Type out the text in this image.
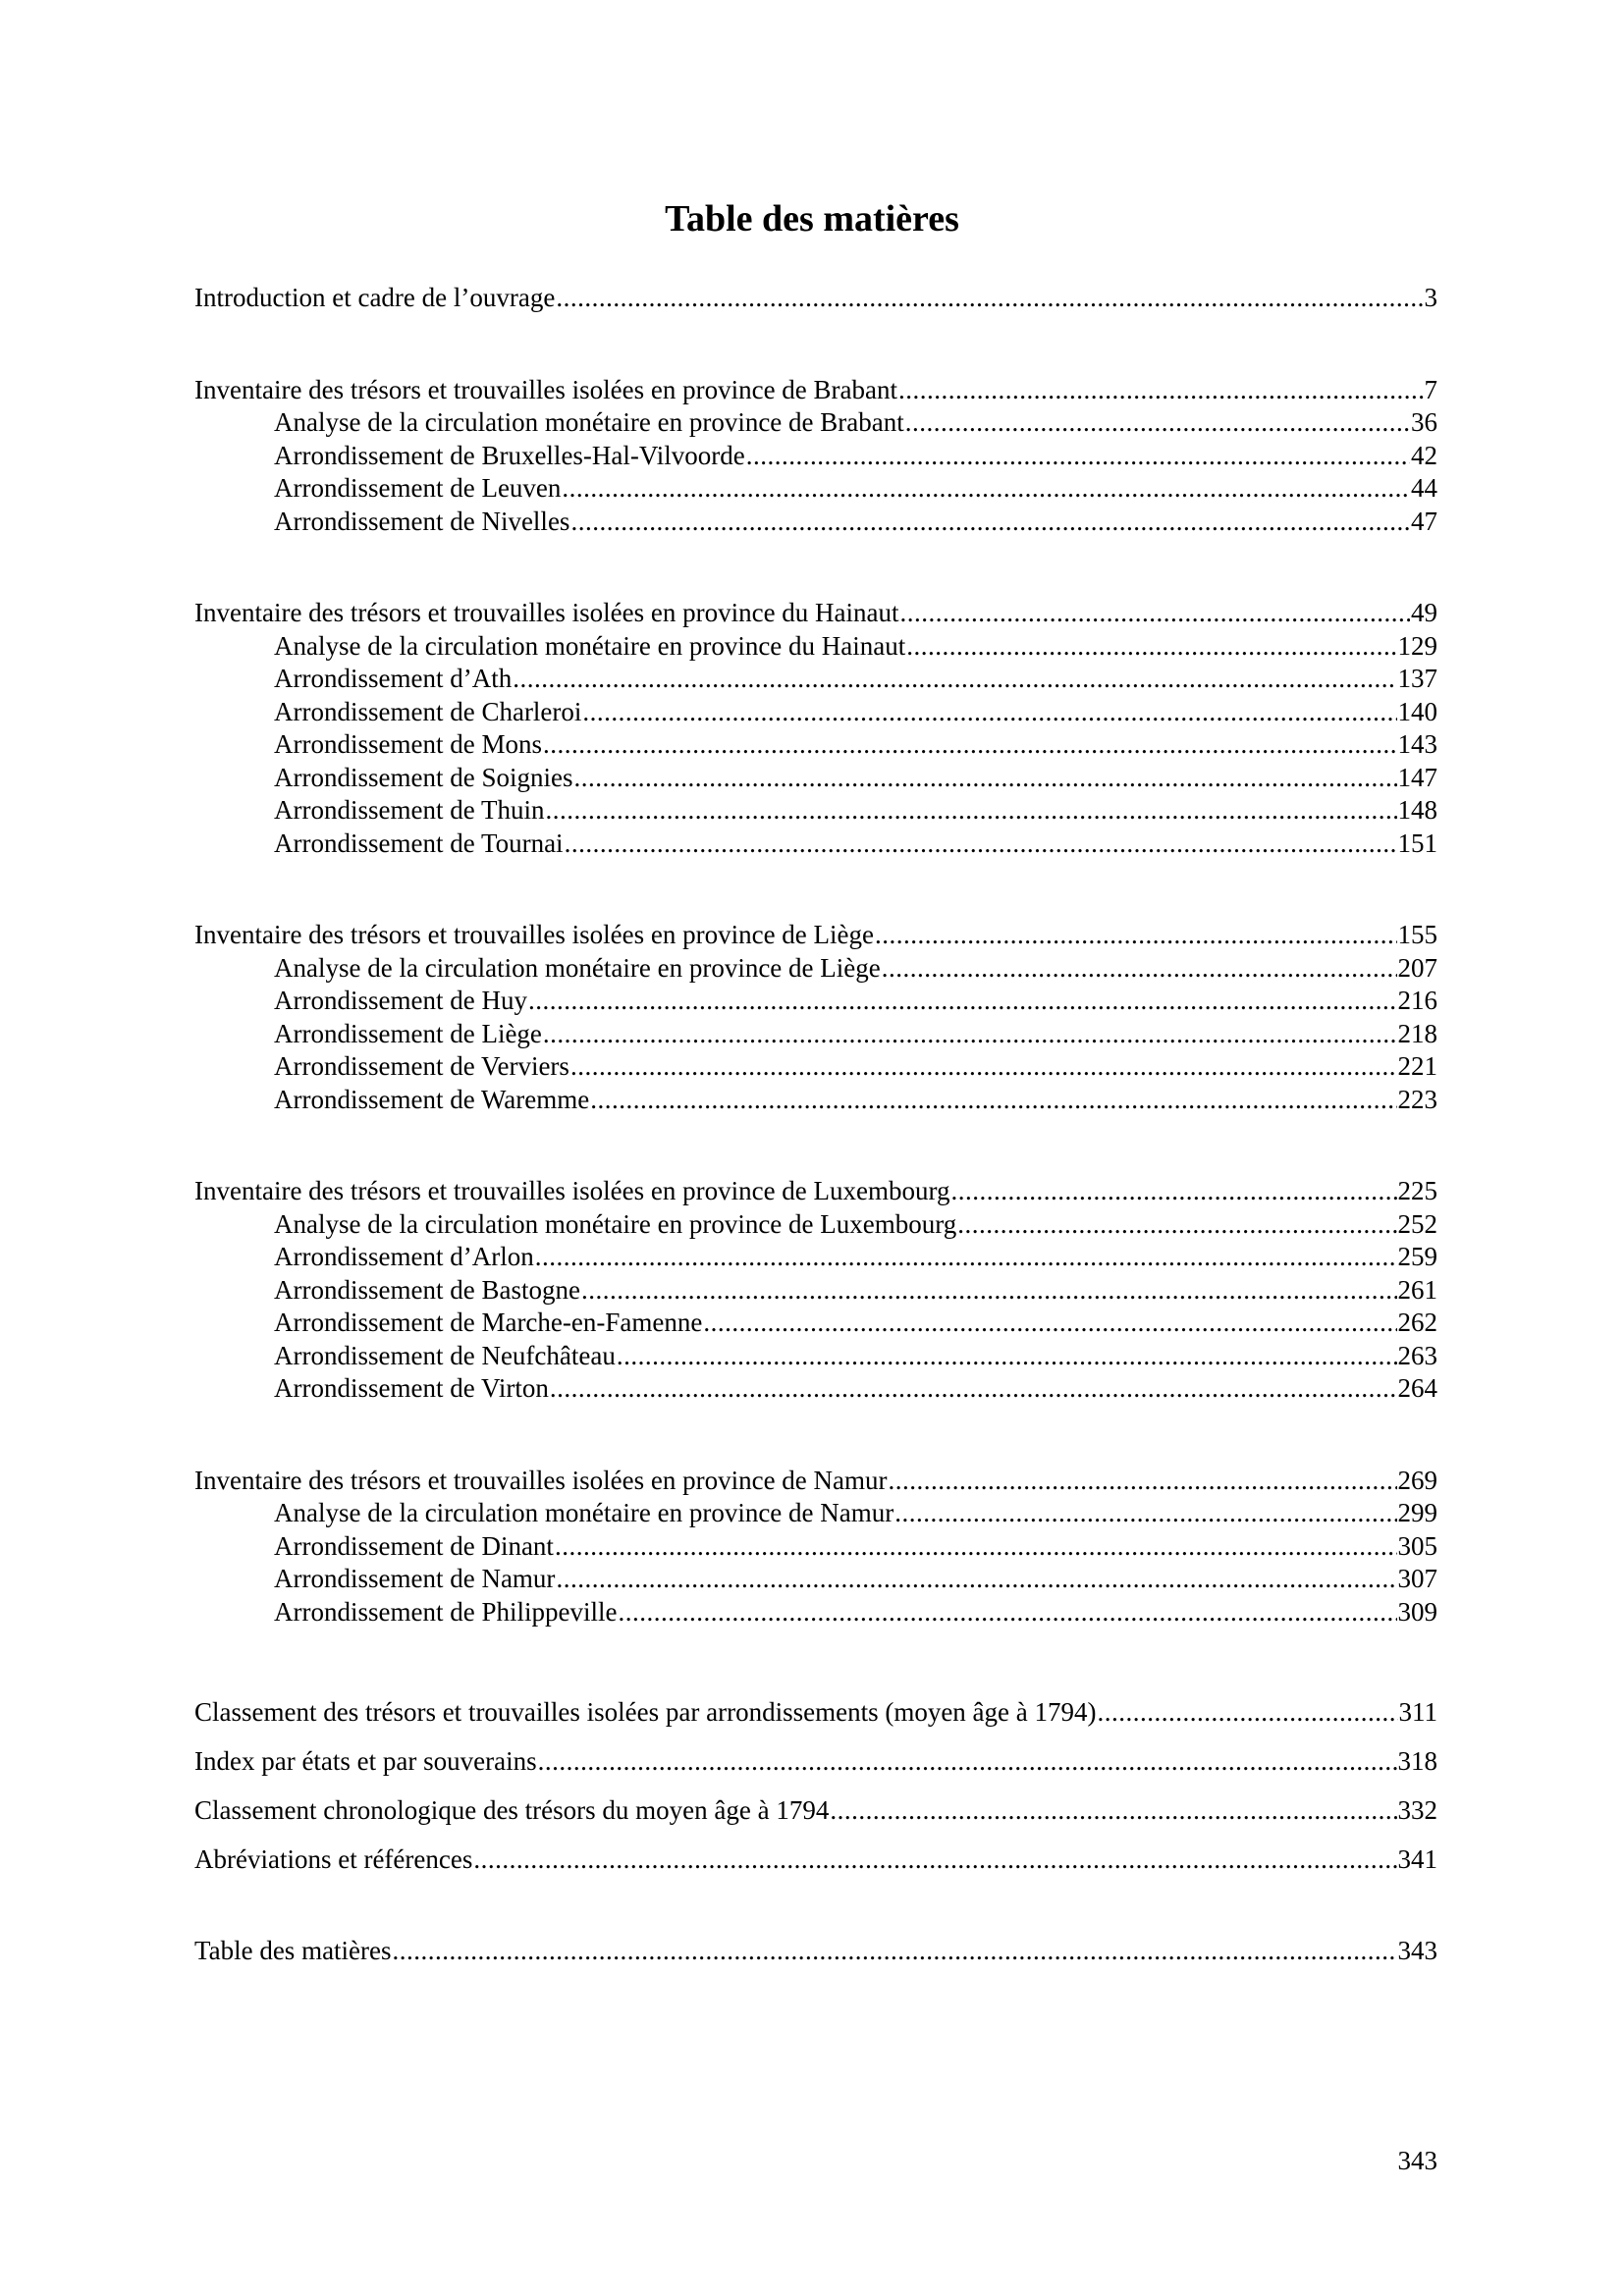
Table des matières
Introduction et cadre de l’ouvrage .....	3
Inventaire des trésors et trouvailles isolées en province de Brabant .....	7
Analyse de la circulation monétaire en province de Brabant .....	36
Arrondissement de Bruxelles-Hal-Vilvoorde .....	42
Arrondissement de Leuven .....	44
Arrondissement de Nivelles .....	47
Inventaire des trésors et trouvailles isolées en province du Hainaut .....	49
Analyse de la circulation monétaire en province du Hainaut .....	129
Arrondissement d’Ath .....	137
Arrondissement de Charleroi .....	140
Arrondissement de Mons .....	143
Arrondissement de Soignies .....	147
Arrondissement de Thuin .....	148
Arrondissement de Tournai .....	151
Inventaire des trésors et trouvailles isolées en province de Liège .....	155
Analyse de la circulation monétaire en province de Liège .....	207
Arrondissement de Huy .....	216
Arrondissement de Liège .....	218
Arrondissement de Verviers .....	221
Arrondissement de Waremme .....	223
Inventaire des trésors et trouvailles isolées en province de Luxembourg .....	225
Analyse de la circulation monétaire en province de Luxembourg .....	252
Arrondissement d’Arlon .....	259
Arrondissement de Bastogne .....	261
Arrondissement de Marche-en-Famenne .....	262
Arrondissement de Neufchâteau .....	263
Arrondissement de Virton .....	264
Inventaire des trésors et trouvailles isolées en province de Namur .....	269
Analyse de la circulation monétaire en province de Namur .....	299
Arrondissement de Dinant .....	305
Arrondissement de Namur .....	307
Arrondissement de Philippeville .....	309
Classement des trésors et trouvailles isolées par arrondissements (moyen âge à 1794) .....	311
Index par états et par souverains .....	318
Classement chronologique des trésors du moyen âge à 1794 .....	332
Abréviations et références .....	341
Table des matières .....	343
343
